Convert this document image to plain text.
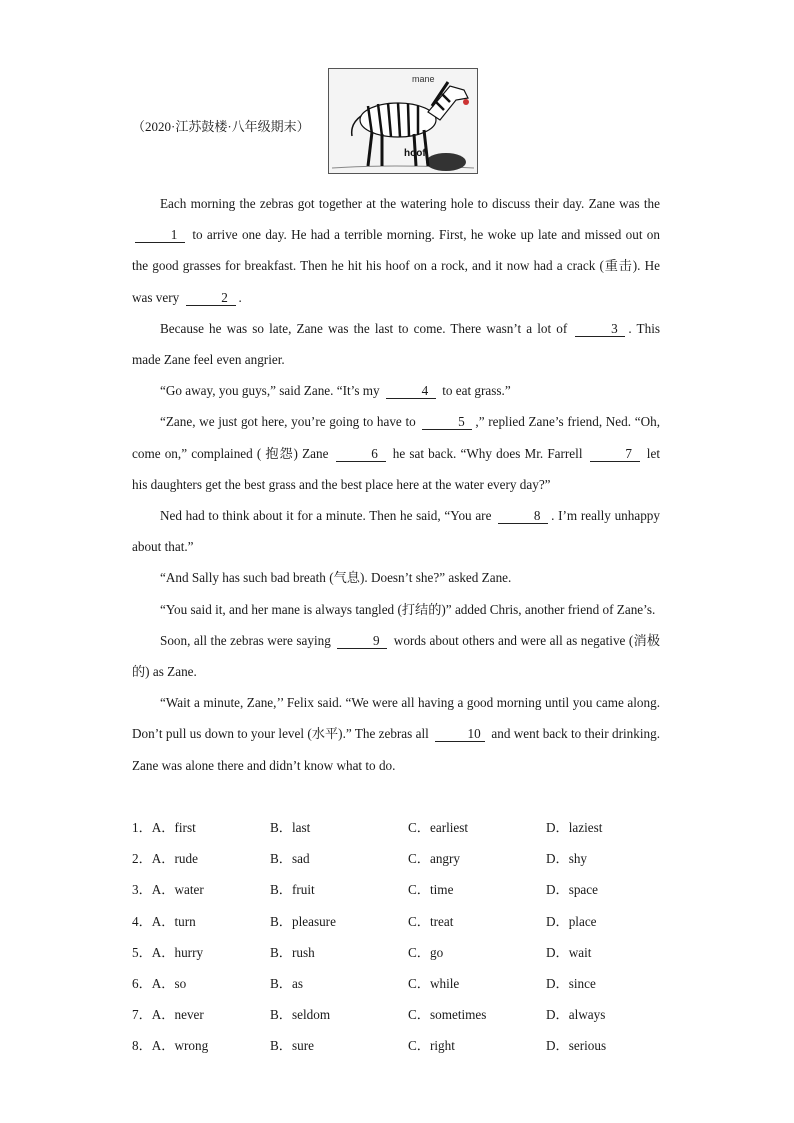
（2020·江苏鼓楼·八年级期末）
mane
hoof

Each morning the zebras got together at the watering hole to discuss their day. Zane was the 1 to arrive one day. He had a terrible morning. First, he woke up late and missed out on the good grasses for breakfast. Then he hit his hoof on a rock, and it now had a crack (重击). He was very	2 .

Because he was so late, Zane was the last to come. There wasn’t a lot of	3 . This made Zane feel even angrier.

“Go away, you guys,” said Zane. “It’s my	4 to eat grass.”

“Zane, we just got here, you’re going to have to	5 ,” replied Zane’s friend, Ned. “Oh, come on,” complained ( 抱怨) Zane	6 he sat back. “Why does Mr. Farrell	7 let his daughters get the best grass and the best place here at the water every day?”

Ned had to think about it for a minute. Then he said, “You are	8 . I’m really unhappy about that.”

“And Sally has such bad breath (气息). Doesn’t she?” asked Zane.

“You said it, and her mane is always tangled (打结的)” added Chris, another friend of Zane’s.

Soon, all the zebras were saying	9 words about others and were all as negative (消极的) as Zane.

“Wait a minute, Zane,’’ Felix said. “We were all having a good morning until you came along. Don’t pull us down to your level (水平).” The zebras all	10 and went back to their drinking. Zane was alone there and didn’t know what to do.

1．A．first	B．last	C．earliest	D．laziest
2．A．rude	B．sad	C．angry	D．shy
3．A．water	B．fruit	C．time	D．space
4．A．turn	B．pleasure	C．treat	D．place
5．A．hurry	B．rush	C．go	D．wait
6．A．so	B．as	C．while	D．since
7．A．never	B．seldom	C．sometimes	D．always
8．A．wrong	B．sure	C．right	D．serious
